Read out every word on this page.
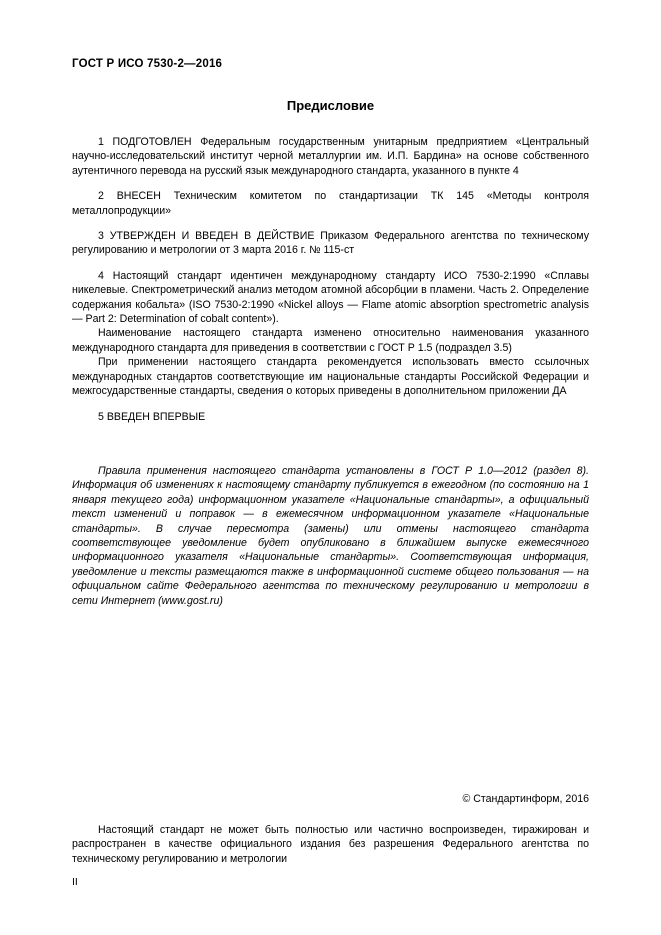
ГОСТ Р ИСО 7530-2—2016
Предисловие

1 ПОДГОТОВЛЕН Федеральным государственным унитарным предприятием «Центральный научно-исследовательский институт черной металлургии им. И.П. Бардина» на основе собственного аутентичного перевода на русский язык международного стандарта, указанного в пункте 4

2 ВНЕСЕН Техническим комитетом по стандартизации ТК 145 «Методы контроля металлопродукции»

3 УТВЕРЖДЕН И ВВЕДЕН В ДЕЙСТВИЕ Приказом Федерального агентства по техническому регулированию и метрологии от 3 марта 2016 г. № 115-ст

4 Настоящий стандарт идентичен международному стандарту ИСО 7530-2:1990 «Сплавы никелевые. Спектрометрический анализ методом атомной абсорбции в пламени. Часть 2. Определение содержания кобальта» (ISO 7530-2:1990 «Nickel alloys — Flame atomic absorption spectrometric analysis — Part 2: Determination of cobalt content»).

Наименование настоящего стандарта изменено относительно наименования указанного международного стандарта для приведения в соответствии с ГОСТ Р 1.5 (подраздел 3.5)

При применении настоящего стандарта рекомендуется использовать вместо ссылочных международных стандартов соответствующие им национальные стандарты Российской Федерации и межгосударственные стандарты, сведения о которых приведены в дополнительном приложении ДА

5 ВВЕДЕН ВПЕРВЫЕ

Правила применения настоящего стандарта установлены в ГОСТ Р 1.0—2012 (раздел 8). Информация об изменениях к настоящему стандарту публикуется в ежегодном (по состоянию на 1 января текущего года) информационном указателе «Национальные стандарты», а официальный текст изменений и поправок — в ежемесячном информационном указателе «Национальные стандарты». В случае пересмотра (замены) или отмены настоящего стандарта соответствующее уведомление будет опубликовано в ближайшем выпуске ежемесячного информационного указателя «Национальные стандарты». Соответствующая информация, уведомление и тексты размещаются также в информационной системе общего пользования — на официальном сайте Федерального агентства по техническому регулированию и метрологии в сети Интернет (www.gost.ru)

© Стандартинформ, 2016
Настоящий стандарт не может быть полностью или частично воспроизведен, тиражирован и распространен в качестве официального издания без разрешения Федерального агентства по техническому регулированию и метрологии
II
